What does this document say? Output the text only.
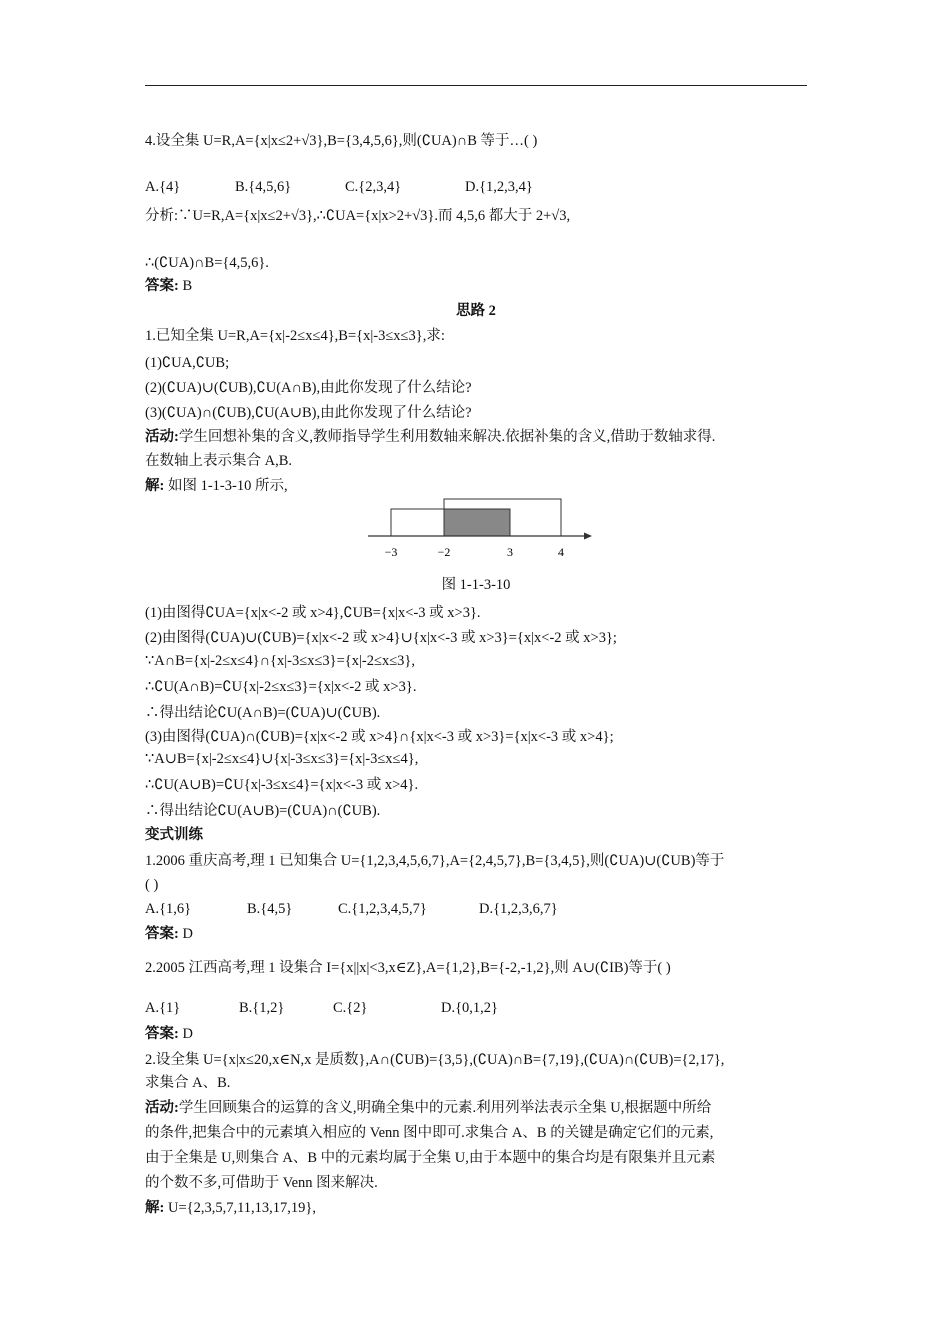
4.设全集 U=R,A={x|x≤2+√3},B={3,4,5,6},则(∁UA)∩B 等于…( )
A.{4}	B.{4,5,6}	C.{2,3,4}	D.{1,2,3,4}
分析:∵U=R,A={x|x≤2+√3},∴∁UA={x|x>2+√3}.而 4,5,6 都大于 2+√3,
∴(∁UA)∩B={4,5,6}.
答案: B
思路 2
1.已知全集 U=R,A={x|-2≤x≤4},B={x|-3≤x≤3},求:
(1)∁UA,∁UB;
(2)(∁UA)∪(∁UB),∁U(A∩B),由此你发现了什么结论?
(3)(∁UA)∩(∁UB),∁U(A∪B),由此你发现了什么结论?
活动:学生回想补集的含义,教师指导学生利用数轴来解决.依据补集的含义,借助于数轴求得.
在数轴上表示集合 A,B.
解: 如图 1-1-3-10 所示,
−3	−2	3	4
图 1-1-3-10
(1)由图得∁UA={x|x<-2 或 x>4},∁UB={x|x<-3 或 x>3}.
(2)由图得(∁UA)∪(∁UB)={x|x<-2 或 x>4}∪{x|x<-3 或 x>3}={x|x<-2 或 x>3};
∵A∩B={x|-2≤x≤4}∩{x|-3≤x≤3}={x|-2≤x≤3},
∴∁U(A∩B)=∁U{x|-2≤x≤3}={x|x<-2 或 x>3}.
∴得出结论∁U(A∩B)=(∁UA)∪(∁UB).
(3)由图得(∁UA)∩(∁UB)={x|x<-2 或 x>4}∩{x|x<-3 或 x>3}={x|x<-3 或 x>4};
∵A∪B={x|-2≤x≤4}∪{x|-3≤x≤3}={x|-3≤x≤4},
∴∁U(A∪B)=∁U{x|-3≤x≤4}={x|x<-3 或 x>4}.
∴得出结论∁U(A∪B)=(∁UA)∩(∁UB).
变式训练
1.2006 重庆高考,理 1 已知集合 U={1,2,3,4,5,6,7},A={2,4,5,7},B={3,4,5},则(∁UA)∪(∁UB)等于
( )
A.{1,6}	B.{4,5}	C.{1,2,3,4,5,7}	D.{1,2,3,6,7}
答案: D
2.2005 江西高考,理 1 设集合 I={x||x|<3,x∈Z},A={1,2},B={-2,-1,2},则 A∪(∁IB)等于( )
A.{1}	B.{1,2}	C.{2}	D.{0,1,2}
答案: D
2.设全集 U={x|x≤20,x∈N,x 是质数},A∩(∁UB)={3,5},(∁UA)∩B={7,19},(∁UA)∩(∁UB)={2,17},
求集合 A、B.
活动:学生回顾集合的运算的含义,明确全集中的元素.利用列举法表示全集 U,根据题中所给
的条件,把集合中的元素填入相应的 Venn 图中即可.求集合 A、B 的关键是确定它们的元素,
由于全集是 U,则集合 A、B 中的元素均属于全集 U,由于本题中的集合均是有限集并且元素
的个数不多,可借助于 Venn 图来解决.
解: U={2,3,5,7,11,13,17,19},
